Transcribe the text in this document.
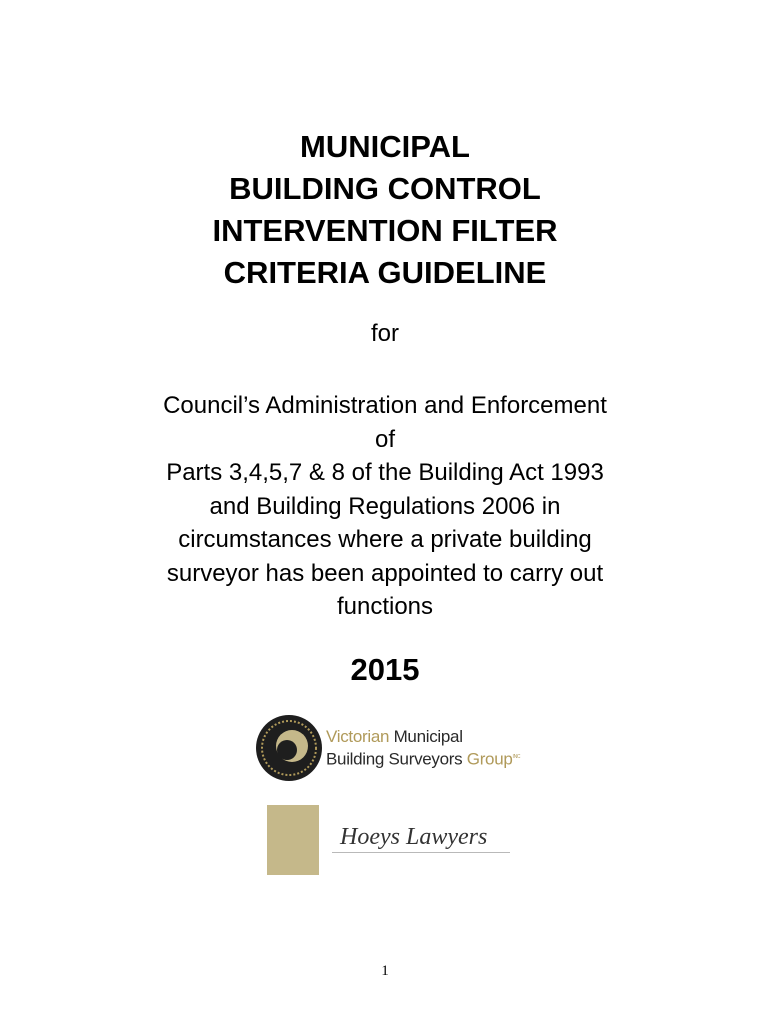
MUNICIPAL
BUILDING CONTROL
INTERVENTION FILTER
CRITERIA GUIDELINE
for
Council’s Administration and Enforcement
of
Parts 3,4,5,7 & 8 of the Building Act 1993
and Building Regulations 2006 in
circumstances where a private building
surveyor has been appointed to carry out
functions
2015
Victorian Municipal
Building Surveyors Group$^{INC}$
Hoeys Lawyers
1
